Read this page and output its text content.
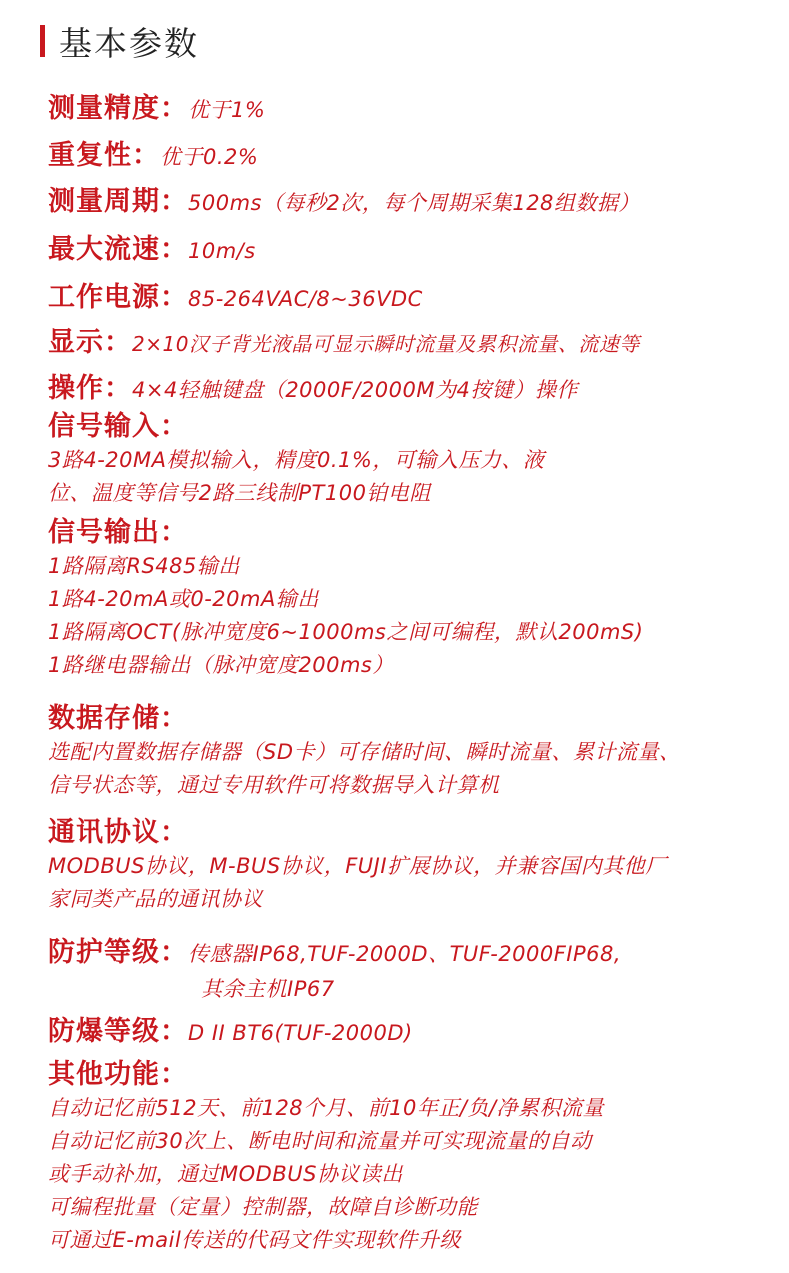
基本参数
测量精度： 优于1%
重复性： 优于0.2%
测量周期： 500ms（每秒2次，每个周期采集128组数据）
最大流速： 10m/s
工作电源： 85-264VAC/8~36VDC
显示： 2×10汉子背光液晶可显示瞬时流量及累积流量、流速等
操作： 4×4轻触键盘（2000F/2000M为4按键）操作
信号输入：
3路4-20MA模拟输入，精度0.1%，可输入压力、液
位、温度等信号2路三线制PT100铂电阻
信号输出：
1路隔离RS485输出
1路4-20mA或0-20mA输出
1路隔离OCT(脉冲宽度6~1000ms之间可编程，默认200mS)
1路继电器输出（脉冲宽度200ms）
数据存储：
选配内置数据存储器（SD卡）可存储时间、瞬时流量、累计流量、
信号状态等，通过专用软件可将数据导入计算机
通讯协议：
MODBUS协议，M-BUS协议，FUJI扩展协议，并兼容国内其他厂
家同类产品的通讯协议
防护等级： 传感器IP68,TUF-2000D、TUF-2000FIP68,
其余主机IP67
防爆等级： D II BT6(TUF-2000D)
其他功能：
自动记忆前512天、前128个月、前10年正/负/净累积流量
自动记忆前30次上、断电时间和流量并可实现流量的自动
或手动补加，通过MODBUS协议读出
可编程批量（定量）控制器，故障自诊断功能
可通过E-mail传送的代码文件实现软件升级
